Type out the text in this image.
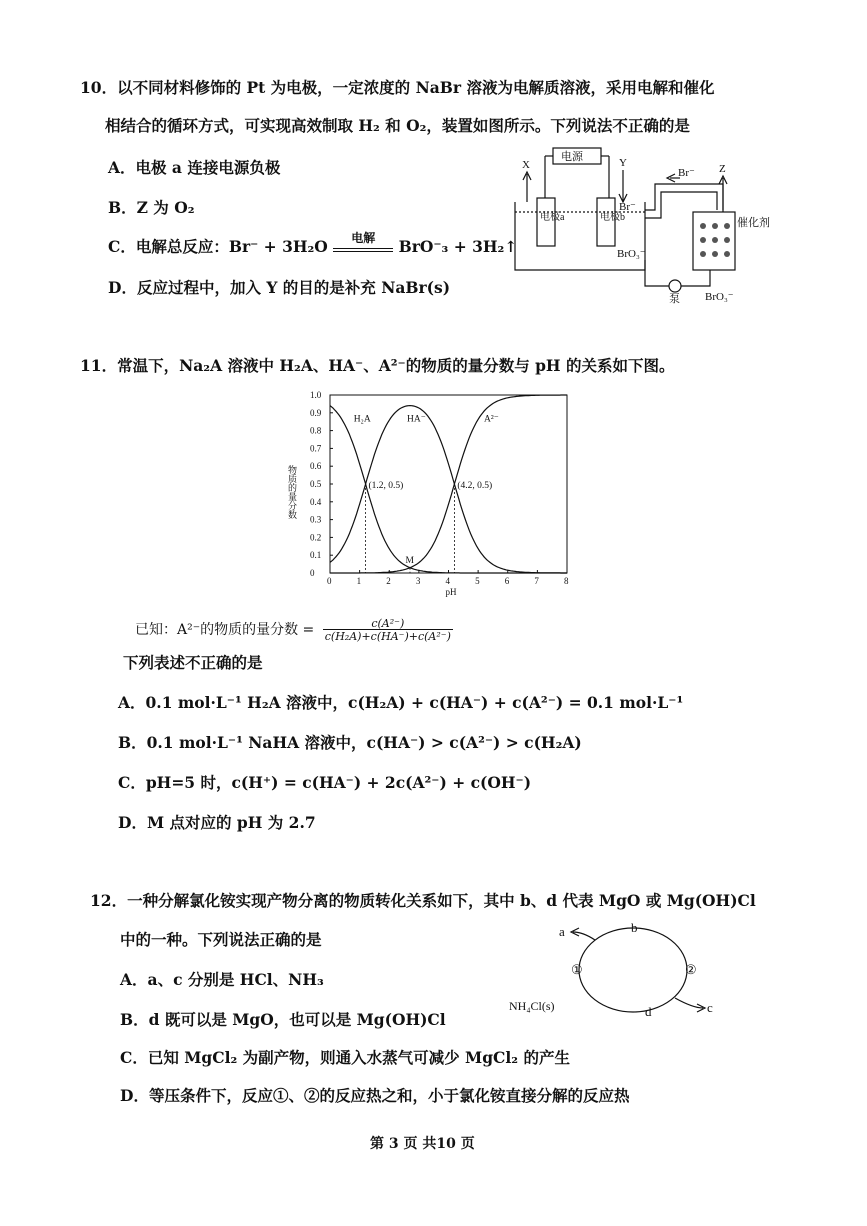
10．以不同材料修饰的 Pt 为电极，一定浓度的 NaBr 溶液为电解质溶液，采用电解和催化
相结合的循环方式，可实现高效制取 H₂ 和 O₂，装置如图所示。下列说法不正确的是
A．电极 a 连接电源负极
B．Z 为 O₂
C．电解总反应：Br⁻ + 3H₂O	电解	BrO⁻₃ + 3H₂↑
D．反应过程中，加入 Y 的目的是补充 NaBr(s)
电源
X	Y	Z
Br⁻
Br⁻
BrO₃⁻
催化剂
泵 BrO₃⁻
电极a	电极b
11．常温下，Na₂A 溶液中 H₂A、HA⁻、A²⁻的物质的量分数与 pH 的关系如下图。
0	1	2	3	4	5	6	7	8
0
0.1
0.2
0.3
0.4
0.5
0.6
0.7
0.8
0.9
1.0
pH
物质的量分数
H₂A	HA⁻	A²⁻
(1.2, 0.5)	(4.2, 0.5)
M
已知：A²⁻的物质的量分数 = $\frac{\text{c(A²⁻)}}{\text{c(H₂A)+c(HA⁻)+c(A²⁻)}}$
下列表述不正确的是
A．0.1 mol·L⁻¹ H₂A 溶液中，c(H₂A) + c(HA⁻) + c(A²⁻) = 0.1 mol·L⁻¹
B．0.1 mol·L⁻¹ NaHA 溶液中，c(HA⁻) > c(A²⁻) > c(H₂A)
C．pH=5 时，c(H⁺) = c(HA⁻) + 2c(A²⁻) + c(OH⁻)
D．M 点对应的 pH 为 2.7
12．一种分解氯化铵实现产物分离的物质转化关系如下，其中 b、d 代表 MgO 或 Mg(OH)Cl
中的一种。下列说法正确的是
A．a、c 分别是 HCl、NH₃
B．d 既可以是 MgO，也可以是 Mg(OH)Cl
C．已知 MgCl₂ 为副产物，则通入水蒸气可减少 MgCl₂ 的产生
D．等压条件下，反应①、②的反应热之和，小于氯化铵直接分解的反应热
a	b
c
d
①	②
NH₄Cl(s)
第 3 页 共10 页
